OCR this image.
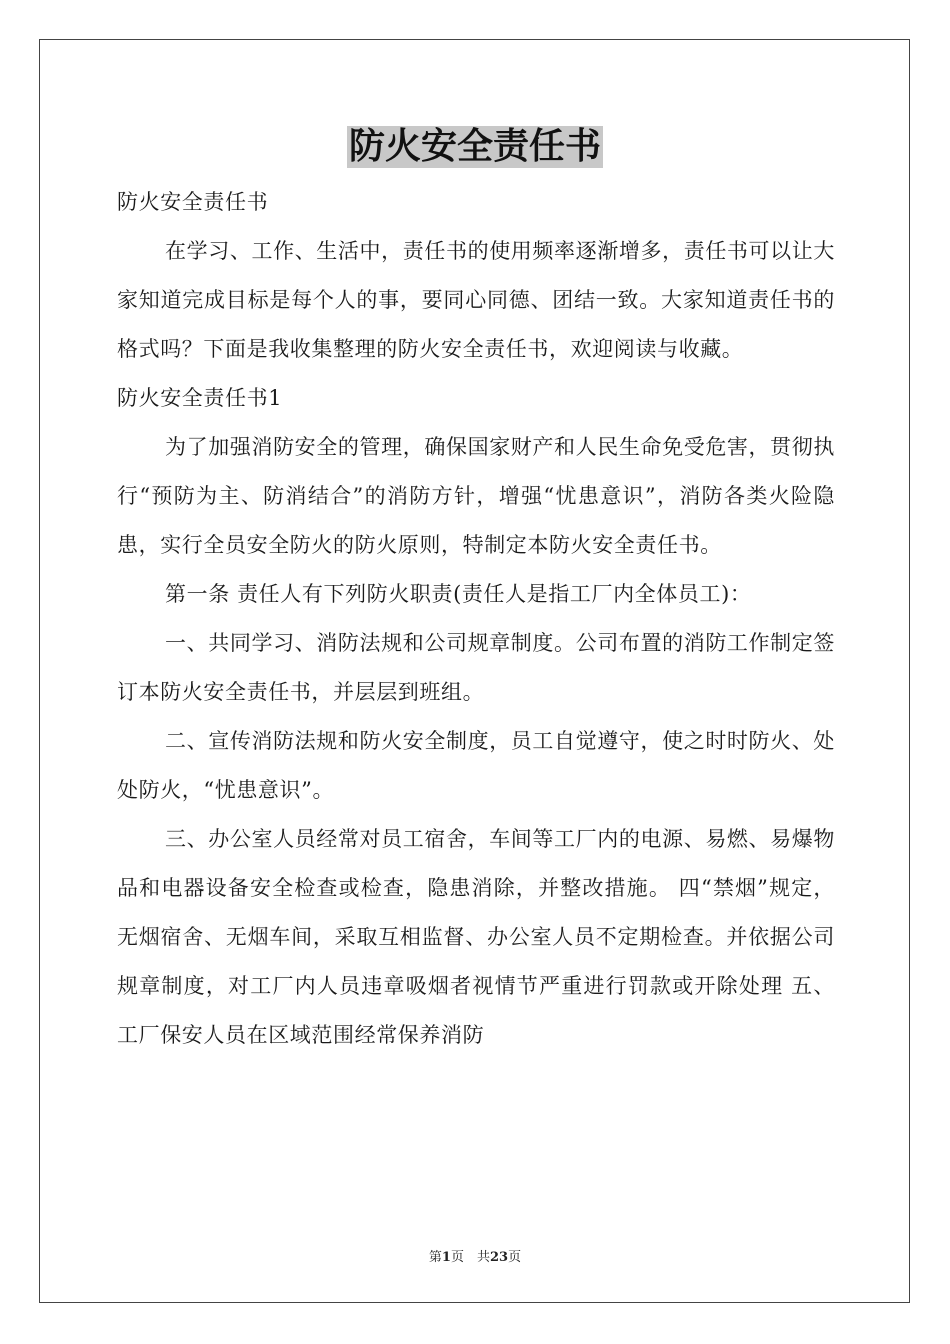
防火安全责任书

防火安全责任书

在学习、工作、生活中，责任书的使用频率逐渐增多，责任书可以让大家知道完成目标是每个人的事，要同心同德、团结一致。大家知道责任书的格式吗？下面是我收集整理的防火安全责任书，欢迎阅读与收藏。

防火安全责任书1

为了加强消防安全的管理，确保国家财产和人民生命免受危害，贯彻执行“预防为主、防消结合”的消防方针，增强“忧患意识”，消防各类火险隐患，实行全员安全防火的防火原则，特制定本防火安全责任书。

第一条 责任人有下列防火职责(责任人是指工厂内全体员工)：

一、共同学习、消防法规和公司规章制度。公司布置的消防工作制定签订本防火安全责任书，并层层到班组。

二、宣传消防法规和防火安全制度，员工自觉遵守，使之时时防火、处处防火，“忧患意识”。

三、办公室人员经常对员工宿舍，车间等工厂内的电源、易燃、易爆物品和电器设备安全检查或检查，隐患消除，并整改措施。 四“禁烟”规定，无烟宿舍、无烟车间，采取互相监督、办公室人员不定期检查。并依据公司规章制度，对工厂内人员违章吸烟者视情节严重进行罚款或开除处理 五、工厂保安人员在区域范围经常保养消防

第1页　共23页
